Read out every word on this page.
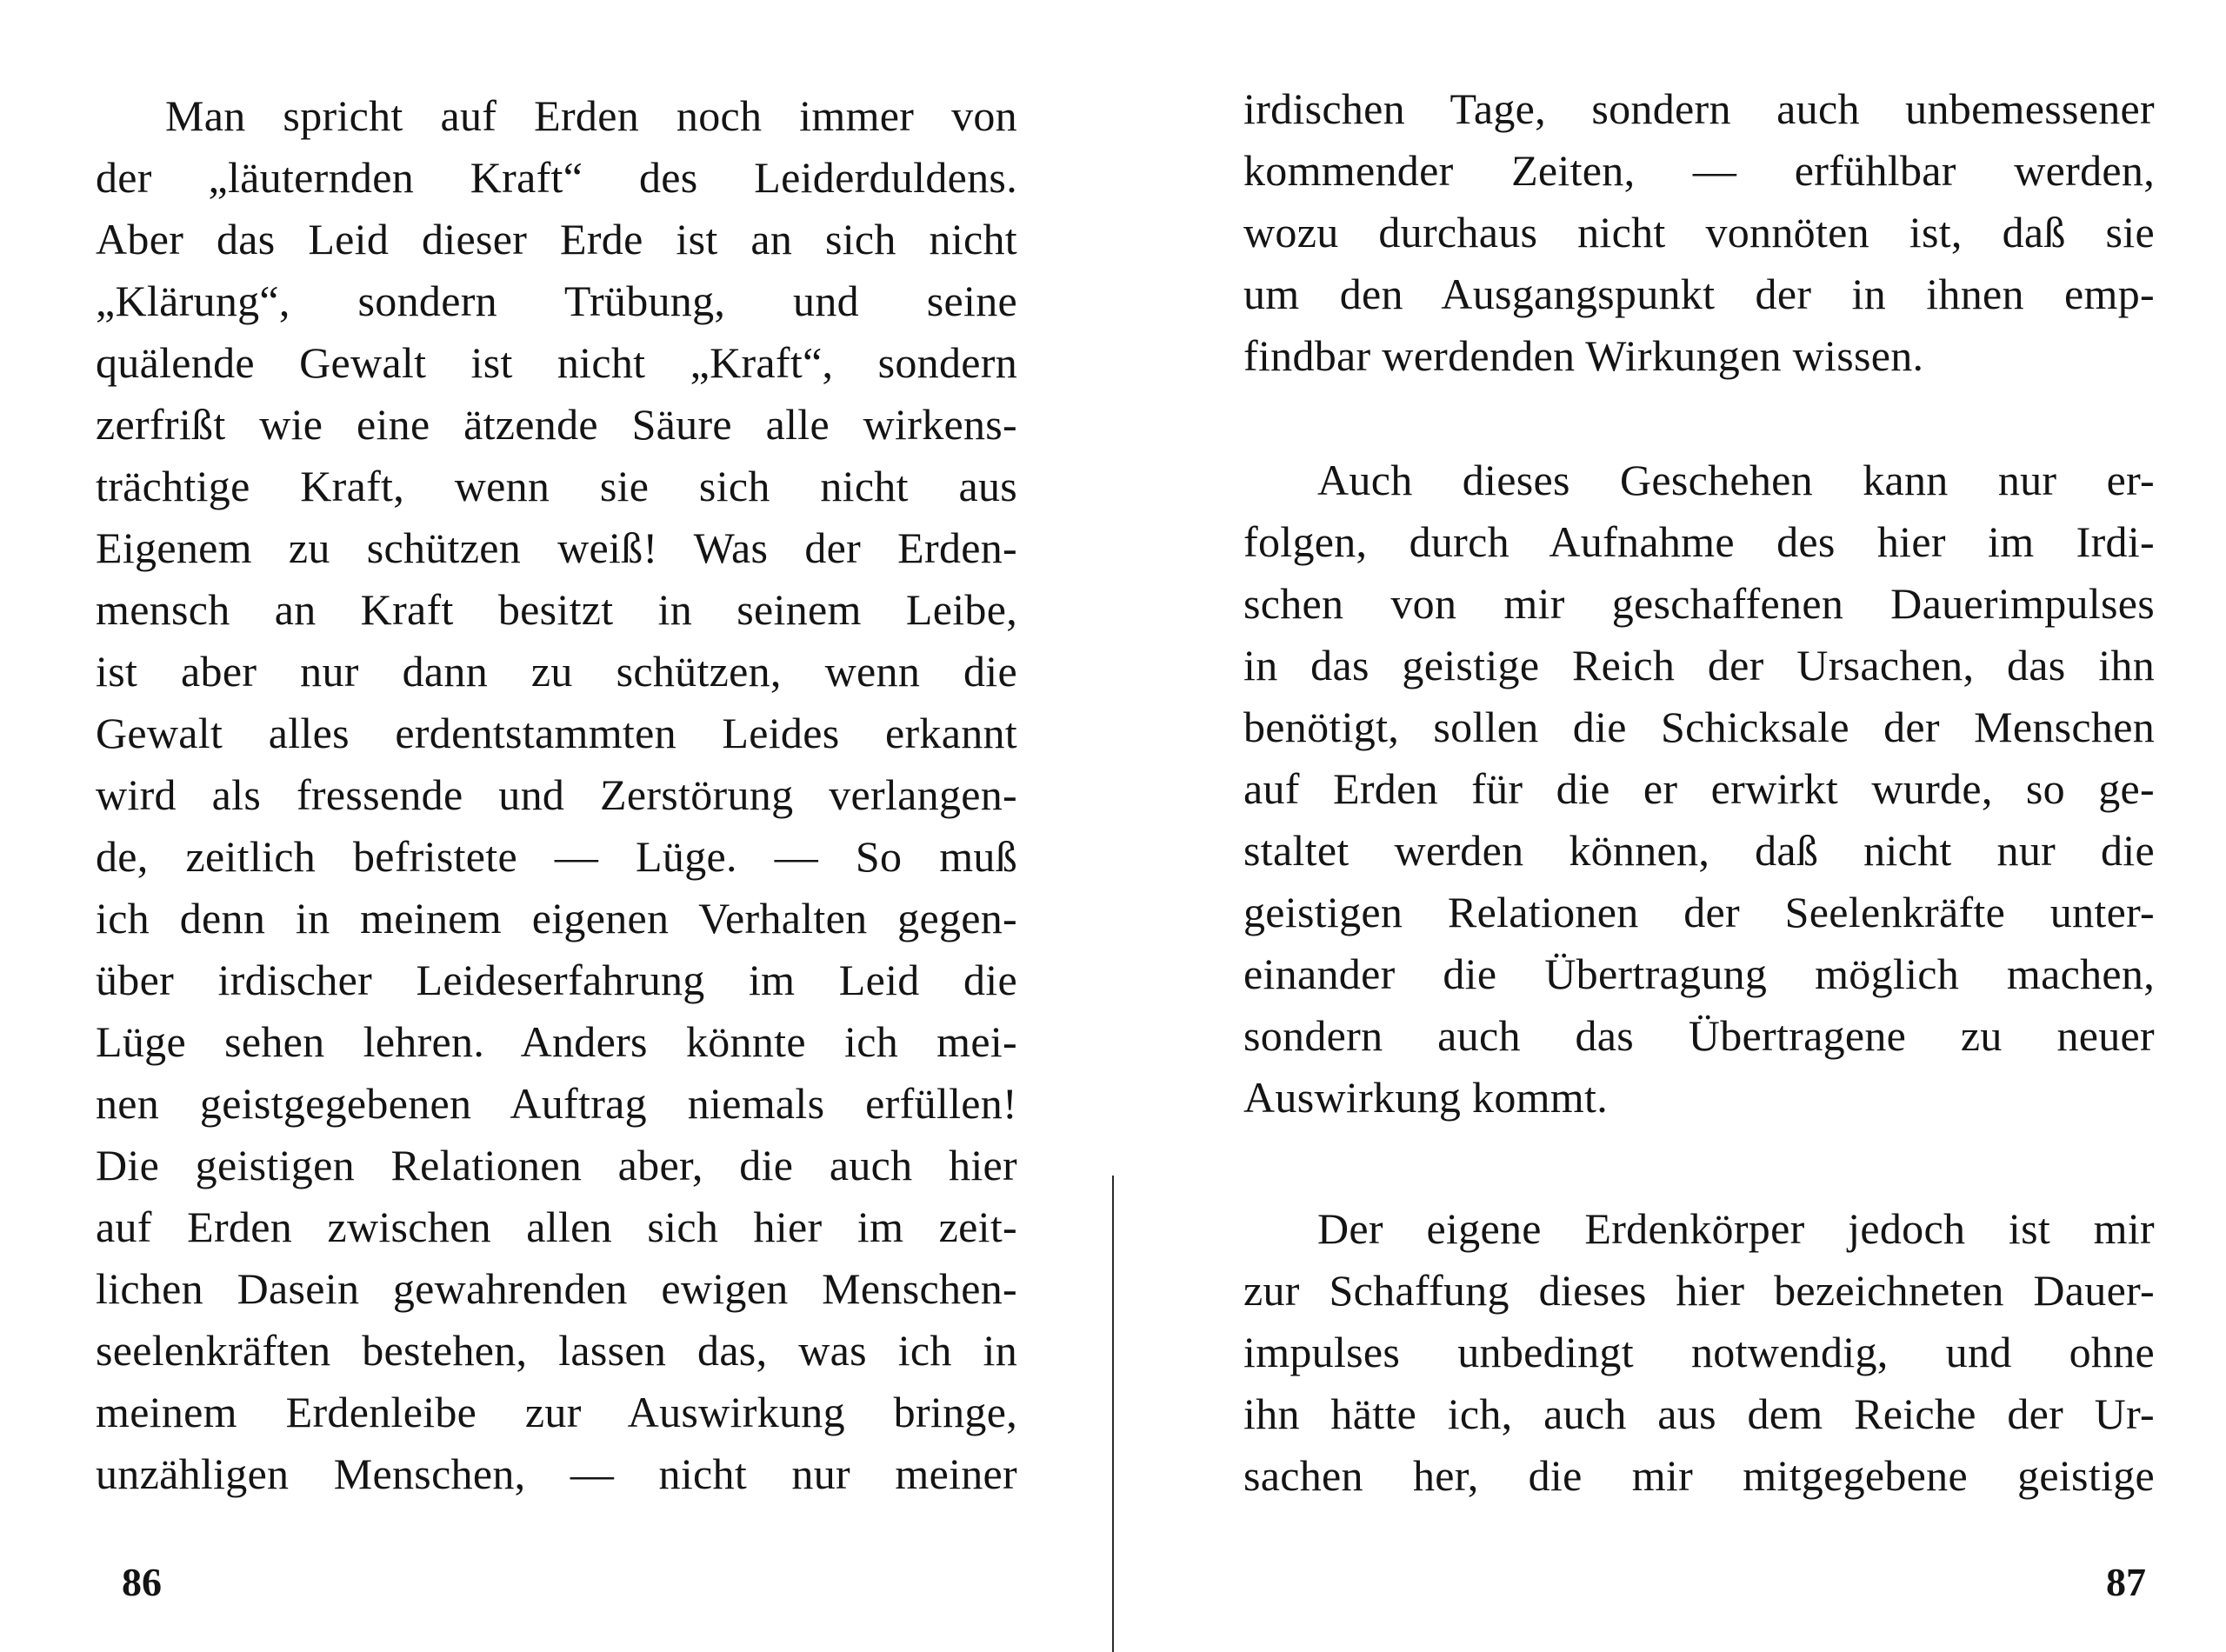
Man spricht auf Erden noch immer von
der „läuternden Kraft“ des Leiderduldens.
Aber das Leid dieser Erde ist an sich nicht
„Klärung“, sondern Trübung, und seine
quälende Gewalt ist nicht „Kraft“, sondern
zerfrißt wie eine ätzende Säure alle wirkens-
trächtige Kraft, wenn sie sich nicht aus
Eigenem zu schützen weiß! Was der Erden-
mensch an Kraft besitzt in seinem Leibe,
ist aber nur dann zu schützen, wenn die
Gewalt alles erdentstammten Leides erkannt
wird als fressende und Zerstörung verlangen-
de, zeitlich befristete — Lüge. — So muß
ich denn in meinem eigenen Verhalten gegen-
über irdischer Leideserfahrung im Leid die
Lüge sehen lehren. Anders könnte ich mei-
nen geistgegebenen Auftrag niemals erfüllen!
Die geistigen Relationen aber, die auch hier
auf Erden zwischen allen sich hier im zeit-
lichen Dasein gewahrenden ewigen Menschen-
seelenkräften bestehen, lassen das, was ich in
meinem Erdenleibe zur Auswirkung bringe,
unzähligen Menschen, — nicht nur meiner
86
irdischen Tage, sondern auch unbemessener
kommender Zeiten, — erfühlbar werden,
wozu durchaus nicht vonnöten ist, daß sie
um den Ausgangspunkt der in ihnen emp-
findbar werdenden Wirkungen wissen.
Auch dieses Geschehen kann nur er-
folgen, durch Aufnahme des hier im Irdi-
schen von mir geschaffenen Dauerimpulses
in das geistige Reich der Ursachen, das ihn
benötigt, sollen die Schicksale der Menschen
auf Erden für die er erwirkt wurde, so ge-
staltet werden können, daß nicht nur die
geistigen Relationen der Seelenkräfte unter-
einander die Übertragung möglich machen,
sondern auch das Übertragene zu neuer
Auswirkung kommt.
Der eigene Erdenkörper jedoch ist mir
zur Schaffung dieses hier bezeichneten Dauer-
impulses unbedingt notwendig, und ohne
ihn hätte ich, auch aus dem Reiche der Ur-
sachen her, die mir mitgegebene geistige
87
